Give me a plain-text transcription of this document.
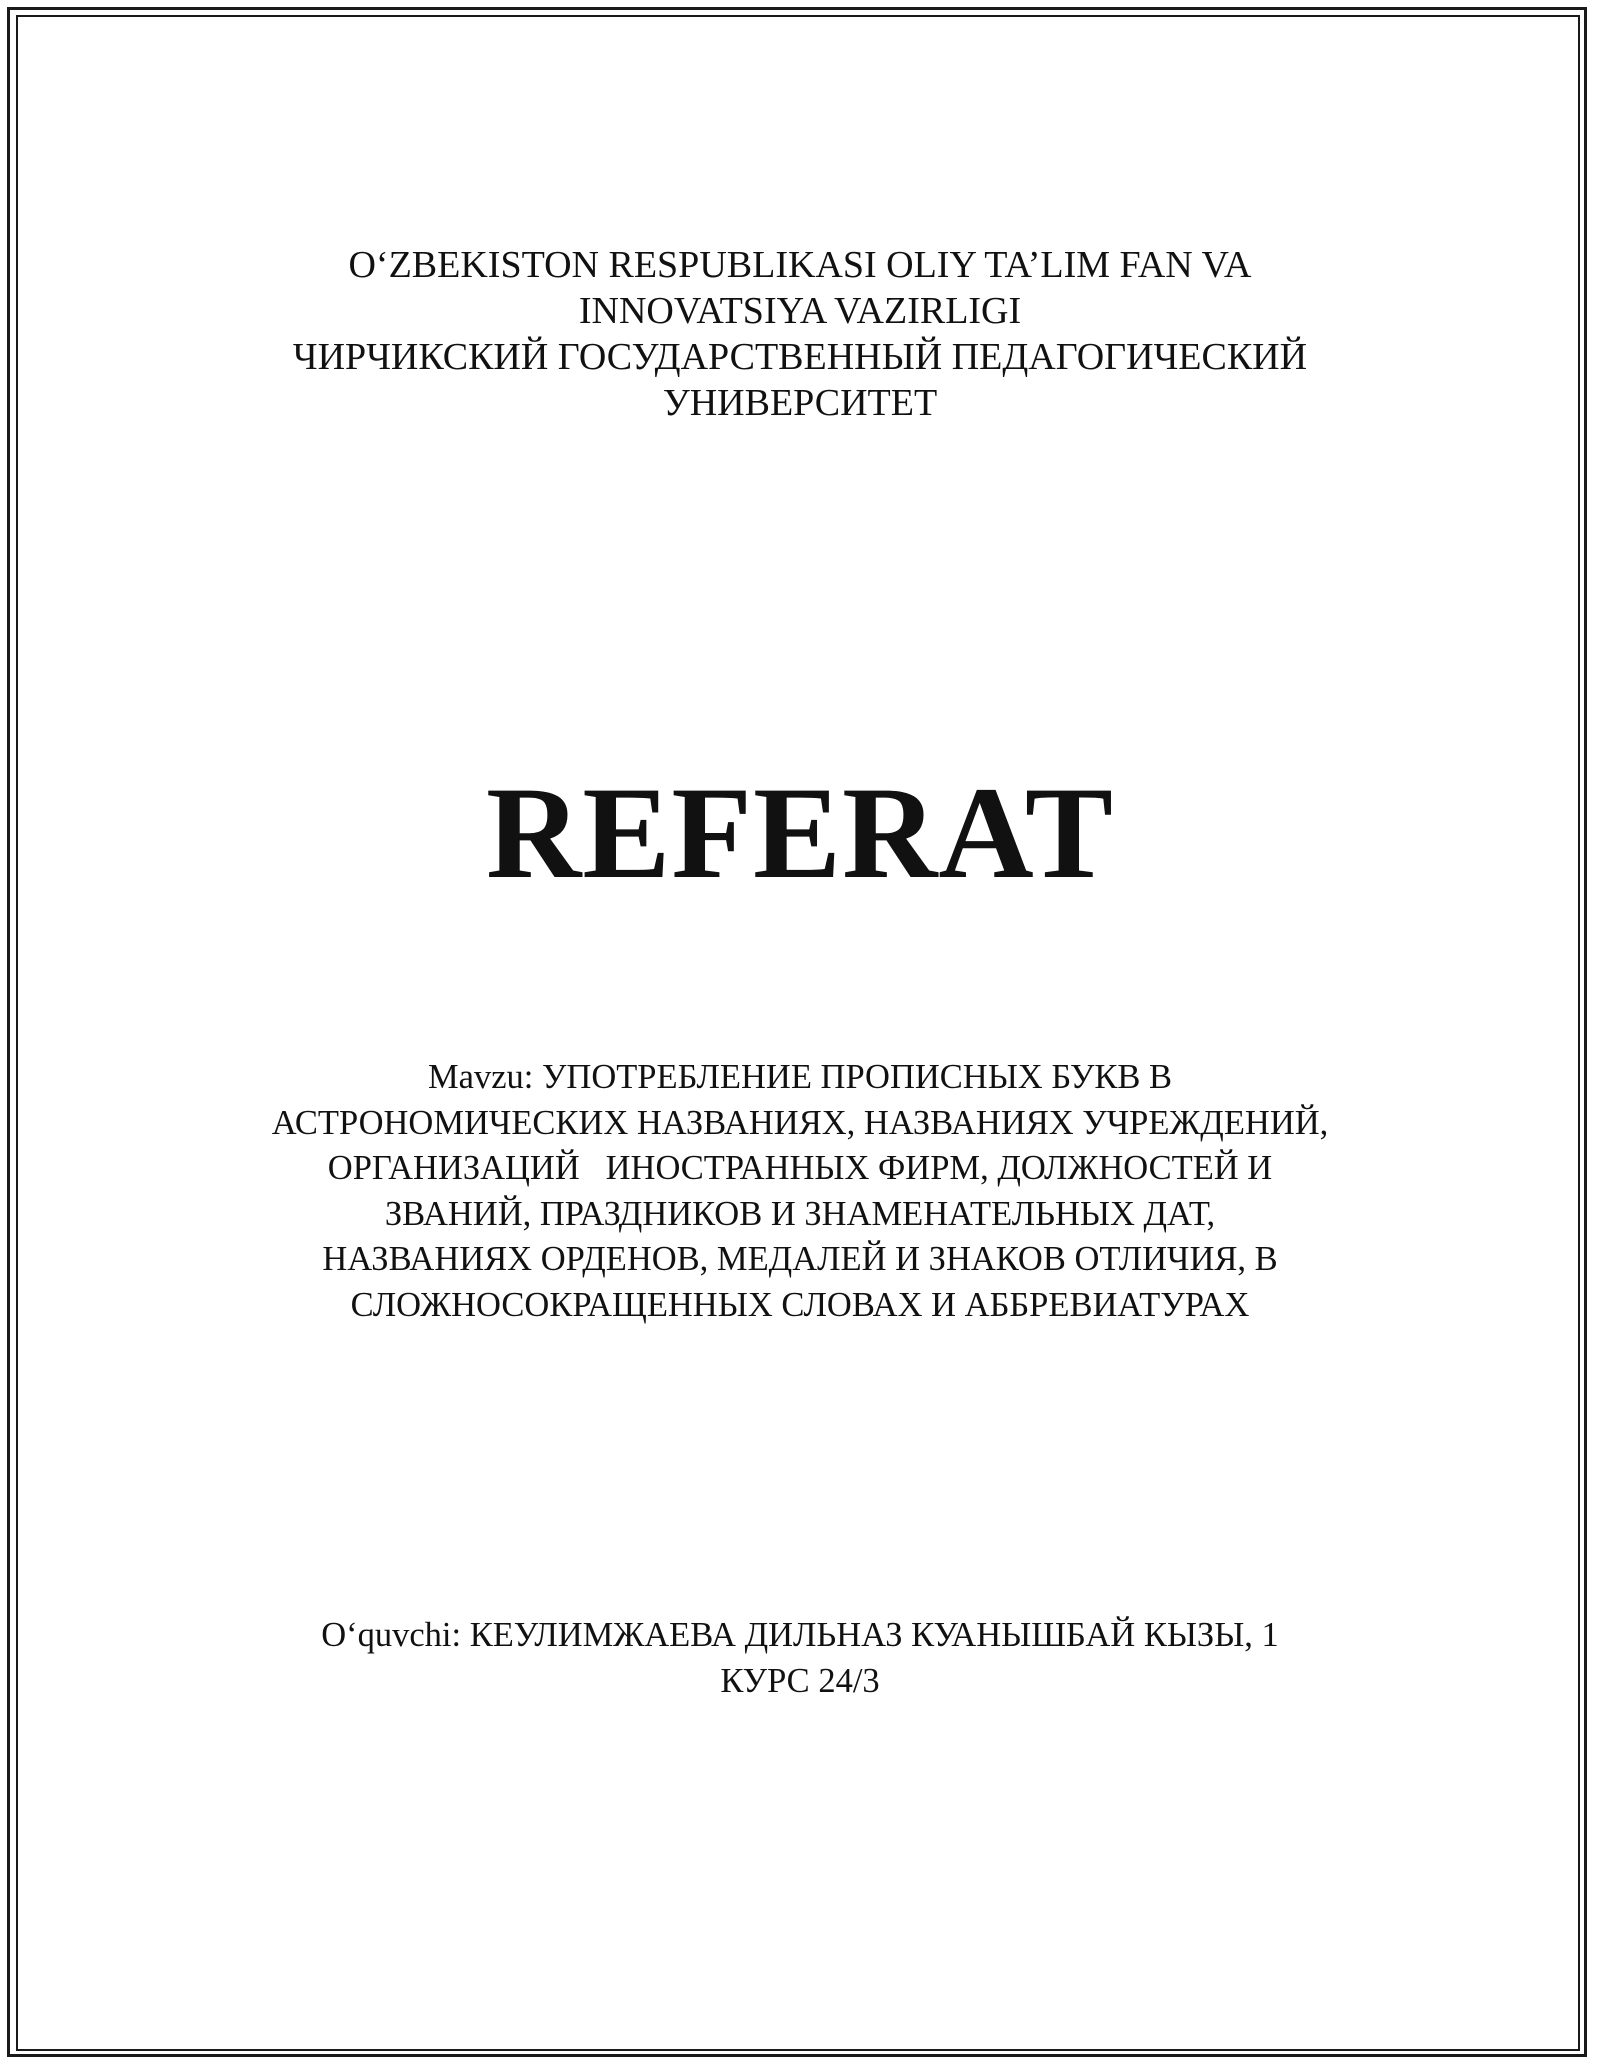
O‘ZBEKISTON RESPUBLIKASI OLIY TA’LIM FAN VA
INNOVATSIYA VAZIRLIGI
ЧИРЧИКСКИЙ ГОСУДАРСТВЕННЫЙ ПЕДАГОГИЧЕСКИЙ
УНИВЕРСИТЕТ
REFERAT
Mavzu: УПОТРЕБЛЕНИЕ ПРОПИСНЫХ БУКВ В
АСТРОНОМИЧЕСКИХ НАЗВАНИЯХ, НАЗВАНИЯХ УЧРЕЖДЕНИЙ,
ОРГАНИЗАЦИЙ   ИНОСТРАННЫХ ФИРМ, ДОЛЖНОСТЕЙ И
ЗВАНИЙ, ПРАЗДНИКОВ И ЗНАМЕНАТЕЛЬНЫХ ДАТ,
НАЗВАНИЯХ ОРДЕНОВ, МЕДАЛЕЙ И ЗНАКОВ ОТЛИЧИЯ, В
СЛОЖНОСОКРАЩЕННЫХ СЛОВАХ И АББРЕВИАТУРАХ
O‘quvchi: КЕУЛИМЖАЕВА ДИЛЬНАЗ КУАНЫШБАЙ КЫЗЫ, 1
КУРС 24/3
